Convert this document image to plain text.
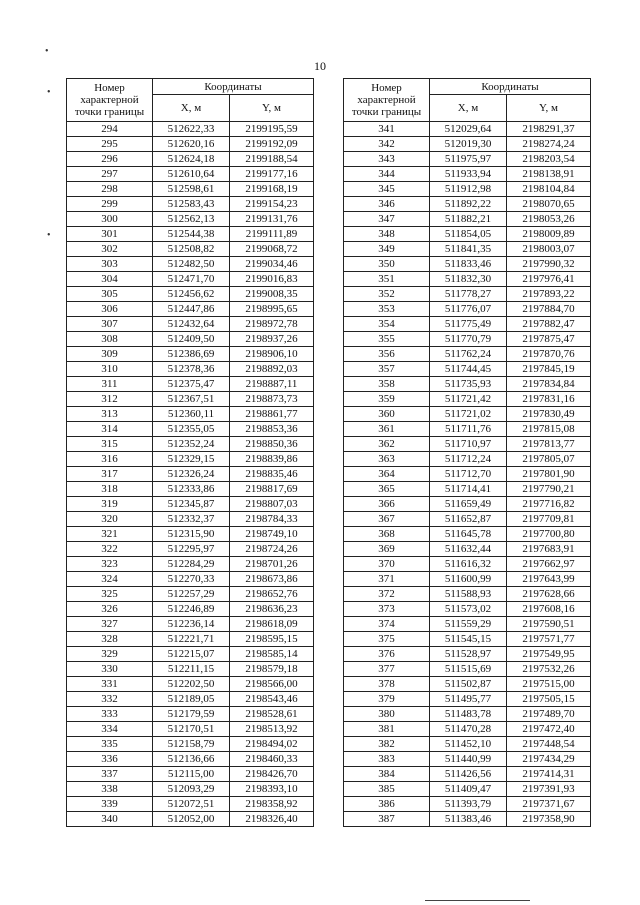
10
Номер характерной точки границы	Координаты	
	X, м	Y, м
294	512622,33	2199195,59
295	512620,16	2199192,09
296	512624,18	2199188,54
297	512610,64	2199177,16
298	512598,61	2199168,19
299	512583,43	2199154,23
300	512562,13	2199131,76
301	512544,38	2199111,89
302	512508,82	2199068,72
303	512482,50	2199034,46
304	512471,70	2199016,83
305	512456,62	2199008,35
306	512447,86	2198995,65
307	512432,64	2198972,78
308	512409,50	2198937,26
309	512386,69	2198906,10
310	512378,36	2198892,03
311	512375,47	2198887,11
312	512367,51	2198873,73
313	512360,11	2198861,77
314	512355,05	2198853,36
315	512352,24	2198850,36
316	512329,15	2198839,86
317	512326,24	2198835,46
318	512333,86	2198817,69
319	512345,87	2198807,03
320	512332,37	2198784,33
321	512315,90	2198749,10
322	512295,97	2198724,26
323	512284,29	2198701,26
324	512270,33	2198673,86
325	512257,29	2198652,76
326	512246,89	2198636,23
327	512236,14	2198618,09
328	512221,71	2198595,15
329	512215,07	2198585,14
330	512211,15	2198579,18
331	512202,50	2198566,00
332	512189,05	2198543,46
333	512179,59	2198528,61
334	512170,51	2198513,92
335	512158,79	2198494,02
336	512136,66	2198460,33
337	512115,00	2198426,70
338	512093,29	2198393,10
339	512072,51	2198358,92
340	512052,00	2198326,40
Номер характерной точки границы	Координаты	
	X, м	Y, м
341	512029,64	2198291,37
342	512019,30	2198274,24
343	511975,97	2198203,54
344	511933,94	2198138,91
345	511912,98	2198104,84
346	511892,22	2198070,65
347	511882,21	2198053,26
348	511854,05	2198009,89
349	511841,35	2198003,07
350	511833,46	2197990,32
351	511832,30	2197976,41
352	511778,27	2197893,22
353	511776,07	2197884,70
354	511775,49	2197882,47
355	511770,79	2197875,47
356	511762,24	2197870,76
357	511744,45	2197845,19
358	511735,93	2197834,84
359	511721,42	2197831,16
360	511721,02	2197830,49
361	511711,76	2197815,08
362	511710,97	2197813,77
363	511712,24	2197805,07
364	511712,70	2197801,90
365	511714,41	2197790,21
366	511659,49	2197716,82
367	511652,87	2197709,81
368	511645,78	2197700,80
369	511632,44	2197683,91
370	511616,32	2197662,97
371	511600,99	2197643,99
372	511588,93	2197628,66
373	511573,02	2197608,16
374	511559,29	2197590,51
375	511545,15	2197571,77
376	511528,97	2197549,95
377	511515,69	2197532,26
378	511502,87	2197515,00
379	511495,77	2197505,15
380	511483,78	2197489,70
381	511470,28	2197472,40
382	511452,10	2197448,54
383	511440,99	2197434,29
384	511426,56	2197414,31
385	511409,47	2197391,93
386	511393,79	2197371,67
387	511383,46	2197358,90
•
•
•
